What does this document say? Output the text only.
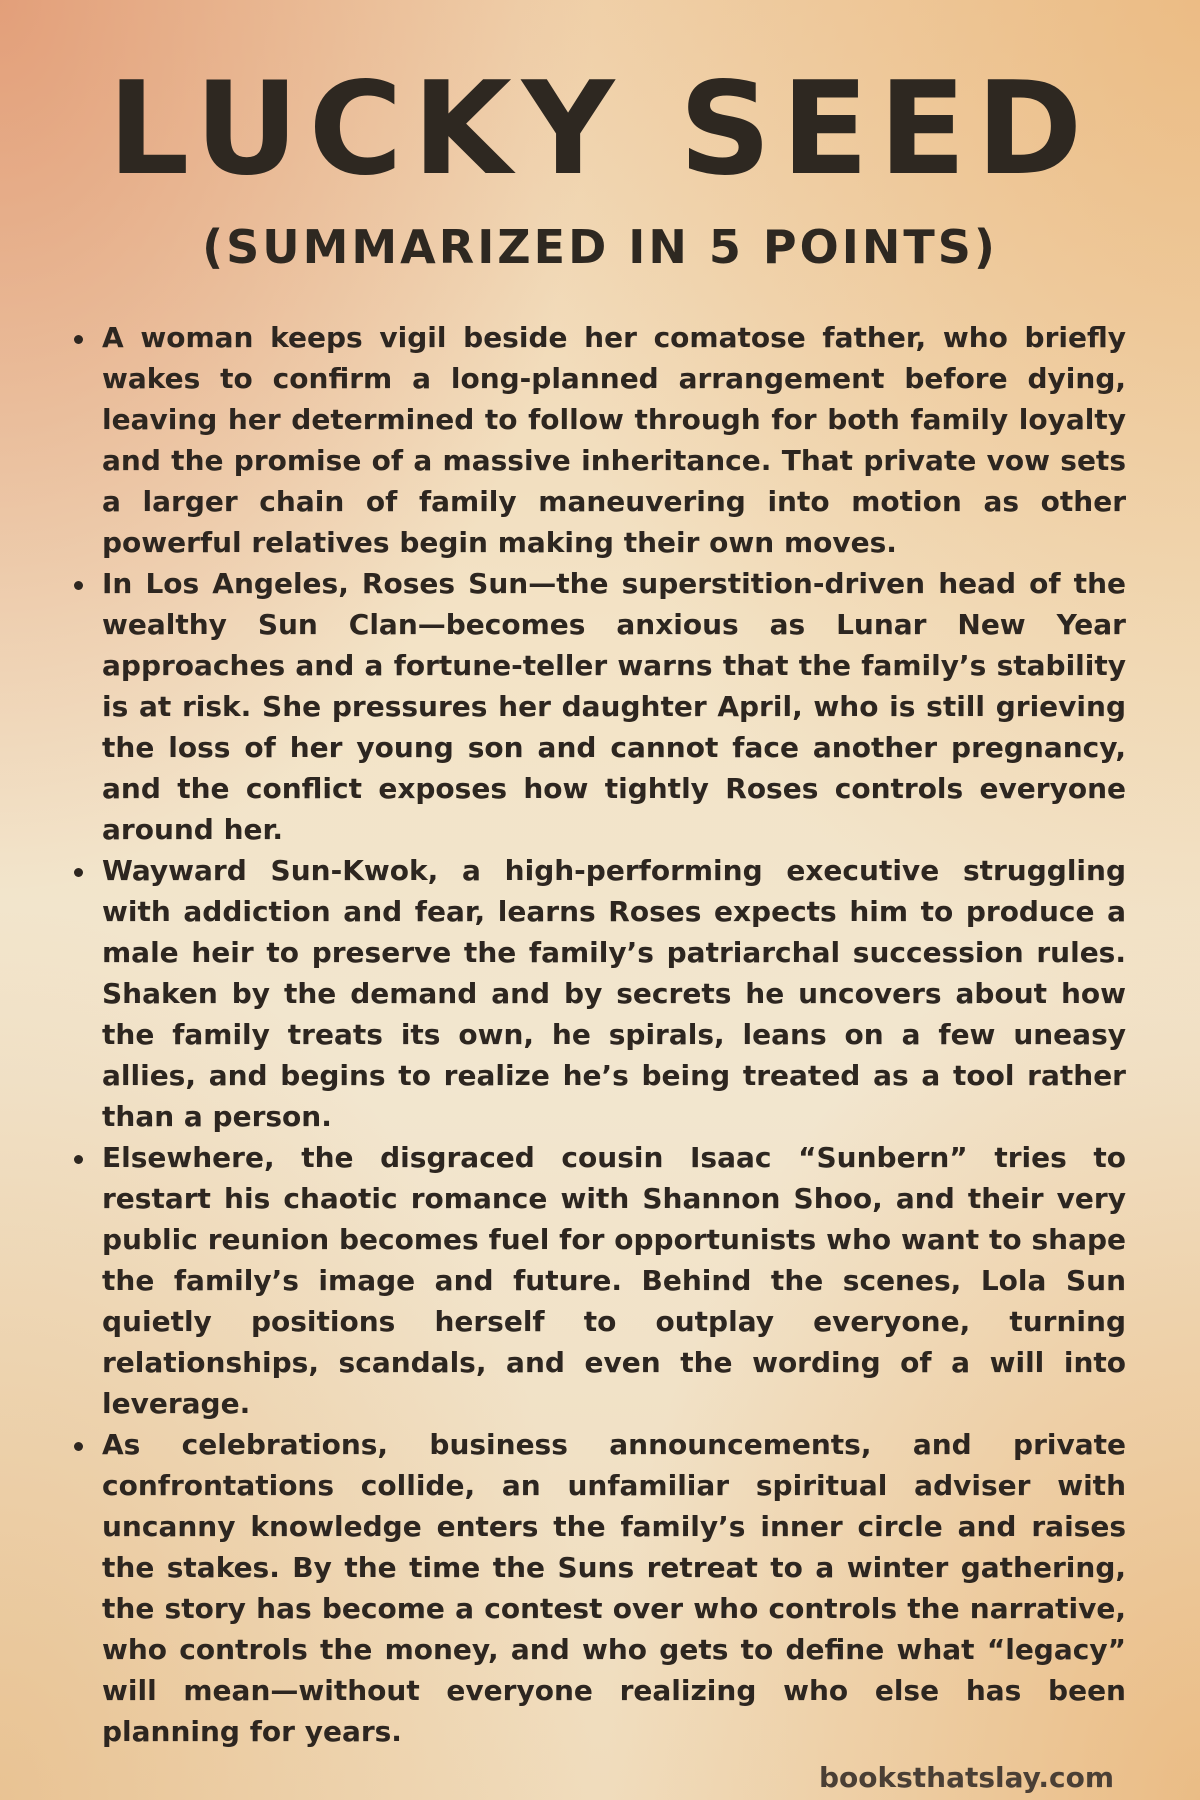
LUCKY SEED
(SUMMARIZED IN 5 POINTS)
A woman keeps vigil beside her comatose father, who briefly wakes to confirm a long-planned arrangement before dying, leaving her determined to follow through for both family loyalty and the promise of a massive inheritance. That private vow sets a larger chain of family maneuvering into motion as other powerful relatives begin making their own moves.
In Los Angeles, Roses Sun—the superstition-driven head of the wealthy Sun Clan—becomes anxious as Lunar New Year approaches and a fortune-teller warns that the family’s stability is at risk. She pressures her daughter April, who is still grieving the loss of her young son and cannot face another pregnancy, and the conflict exposes how tightly Roses controls everyone around her.
Wayward Sun-Kwok, a high-performing executive struggling with addiction and fear, learns Roses expects him to produce a male heir to preserve the family’s patriarchal succession rules. Shaken by the demand and by secrets he uncovers about how the family treats its own, he spirals, leans on a few uneasy allies, and begins to realize he’s being treated as a tool rather than a person.
Elsewhere, the disgraced cousin Isaac “Sunbern” tries to restart his chaotic romance with Shannon Shoo, and their very public reunion becomes fuel for opportunists who want to shape the family’s image and future. Behind the scenes, Lola Sun quietly positions herself to outplay everyone, turning relationships, scandals, and even the wording of a will into leverage.
As celebrations, business announcements, and private confrontations collide, an unfamiliar spiritual adviser with uncanny knowledge enters the family’s inner circle and raises the stakes. By the time the Suns retreat to a winter gathering, the story has become a contest over who controls the narrative, who controls the money, and who gets to define what “legacy” will mean—without everyone realizing who else has been planning for years.
booksthatslay.com
